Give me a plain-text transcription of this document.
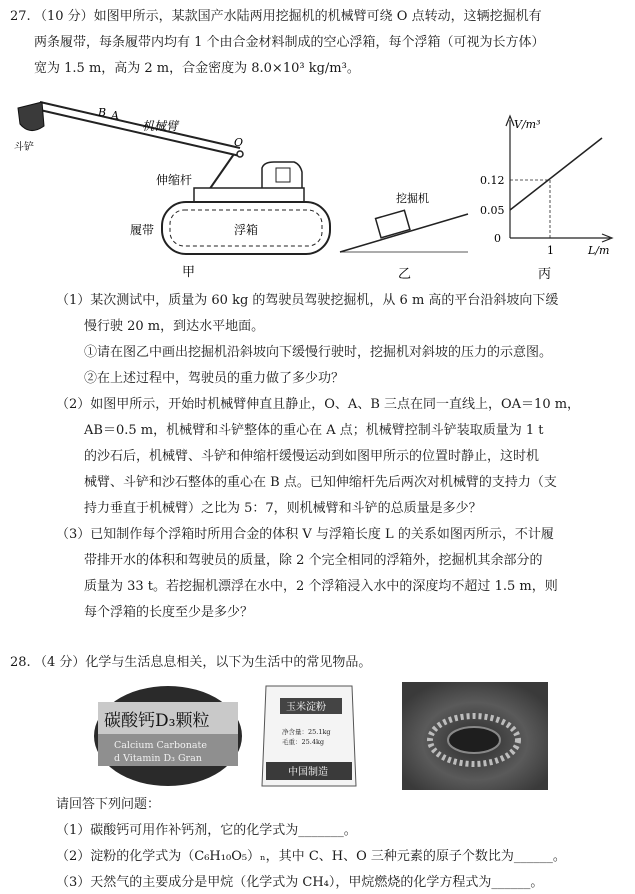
27. （10 分）如图甲所示，某款国产水陆两用挖掘机的机械臂可绕 O 点转动，这辆挖掘机有
两条履带，每条履带内均有 1 个由合金材料制成的空心浮箱，每个浮箱（可视为长方体）
宽为 1.5 m，高为 2 m，合金密度为 8.0×10³ kg/m³。
斗铲
B A
机械臂
O
伸缩杆
履带	浮箱
甲
挖掘机
乙
V/m³
L/m
0.12
0.05
0
1
丙
（1）某次测试中，质量为 60 kg 的驾驶员驾驶挖掘机，从 6 m 高的平台沿斜坡向下缓
慢行驶 20 m，到达水平地面。
①请在图乙中画出挖掘机沿斜坡向下缓慢行驶时，挖掘机对斜坡的压力的示意图。
②在上述过程中，驾驶员的重力做了多少功？
（2）如图甲所示，开始时机械臂伸直且静止，O、A、B 三点在同一直线上，OA＝10 m，
AB＝0.5 m，机械臂和斗铲整体的重心在 A 点；机械臂控制斗铲装取质量为 1 t
的沙石后，机械臂、斗铲和伸缩杆缓慢运动到如图甲所示的位置时静止，这时机
械臂、斗铲和沙石整体的重心在 B 点。已知伸缩杆先后两次对机械臂的支持力（支
持力垂直于机械臂）之比为 5：7，则机械臂和斗铲的总质量是多少？
（3）已知制作每个浮箱时所用合金的体积 V 与浮箱长度 L 的关系如图丙所示，不计履
带排开水的体积和驾驶员的质量，除 2 个完全相同的浮箱外，挖掘机其余部分的
质量为 33 t。若挖掘机漂浮在水中，2 个浮箱浸入水中的深度均不超过 1.5 m，则
每个浮箱的长度至少是多少？
28. （4 分）化学与生活息息相关，以下为生活中的常见物品。
碳酸钙D₃颗粒
Calcium Carbonate
d Vitamin D₃ Gran
玉米淀粉
净含量：25.1kg
毛重：25.4kg
中国制造
请回答下列问题：
（1）碳酸钙可用作补钙剂，它的化学式为_______。
（2）淀粉的化学式为（C₆H₁₀O₅）ₙ，其中 C、H、O 三种元素的原子个数比为______。
（3）天然气的主要成分是甲烷（化学式为 CH₄），甲烷燃烧的化学方程式为______。
